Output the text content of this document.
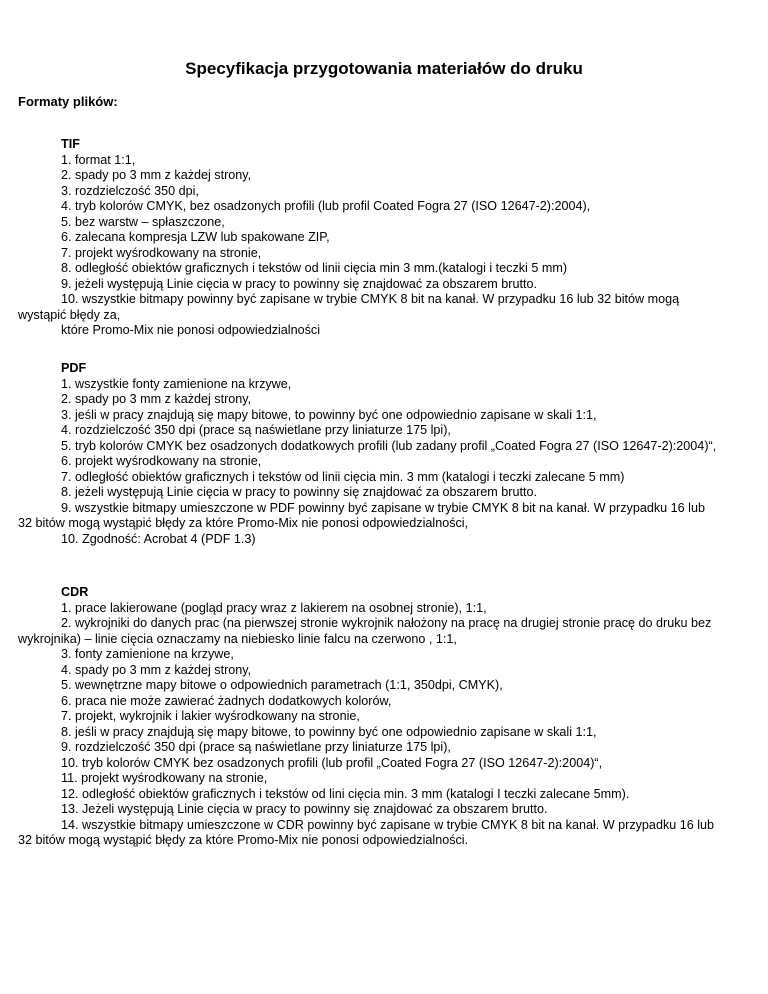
Specyfikacja przygotowania materiałów do druku
Formaty plików:
TIF
1. format 1:1,
2. spady po 3 mm z każdej strony,
3. rozdzielczość 350 dpi,
4. tryb kolorów CMYK, bez osadzonych profili (lub profil Coated Fogra 27 (ISO 12647-2):2004),
5. bez warstw – spłaszczone,
6. zalecana kompresja LZW lub spakowane ZIP,
7. projekt wyśrodkowany na stronie,
8. odległość obiektów graficznych i tekstów od linii cięcia min 3 mm.(katalogi i teczki 5 mm)
9. jeżeli występują Linie cięcia w pracy to powinny się znajdować za obszarem brutto.
10. wszystkie bitmapy powinny być zapisane w trybie CMYK 8 bit na kanał. W przypadku 16 lub 32 bitów mogą wystąpić błędy za,
które Promo-Mix nie ponosi odpowiedzialności
PDF
1. wszystkie fonty zamienione na krzywe,
2. spady po 3 mm z każdej strony,
3. jeśli w pracy znajdują się mapy bitowe, to powinny być one odpowiednio zapisane w skali 1:1,
4. rozdzielczość 350 dpi (prace są naświetlane przy liniaturze 175 lpi),
5. tryb kolorów CMYK bez osadzonych dodatkowych profili (lub zadany profil „Coated Fogra 27 (ISO 12647-2):2004)“,
6. projekt wyśrodkowany na stronie,
7. odległość obiektów graficznych i tekstów od linii cięcia min. 3 mm (katalogi i teczki zalecane 5 mm)
8. jeżeli występują Linie cięcia w pracy to powinny się znajdować za obszarem brutto.
9. wszystkie bitmapy umieszczone w PDF powinny być zapisane w trybie CMYK 8 bit na kanał. W przypadku 16 lub 32 bitów mogą wystąpić błędy za które Promo-Mix nie ponosi odpowiedzialności,
10. Zgodność: Acrobat 4 (PDF 1.3)
CDR
1. prace lakierowane (pogląd pracy wraz z lakierem na osobnej stronie), 1:1,
2. wykrojniki do danych prac (na pierwszej stronie wykrojnik nałożony na pracę na drugiej stronie pracę do druku bez wykrojnika) – linie cięcia oznaczamy na niebiesko linie falcu na czerwono , 1:1,
3. fonty zamienione na krzywe,
4. spady po 3 mm z każdej strony,
5. wewnętrzne mapy bitowe o odpowiednich parametrach (1:1, 350dpi, CMYK),
6. praca nie może zawierać żadnych dodatkowych kolorów,
7. projekt, wykrojnik i lakier wyśrodkowany na stronie,
8. jeśli w pracy znajdują się mapy bitowe, to powinny być one odpowiednio zapisane w skali 1:1,
9. rozdzielczość 350 dpi (prace są naświetlane przy liniaturze 175 lpi),
10. tryb kolorów CMYK bez osadzonych profili (lub profil „Coated Fogra 27 (ISO 12647-2):2004)“,
11. projekt wyśrodkowany na stronie,
12. odległość obiektów graficznych i tekstów od lini cięcia min. 3 mm (katalogi I teczki zalecane 5mm).
13. Jeżeli występują Linie cięcia w pracy to powinny się znajdować za obszarem brutto.
14. wszystkie bitmapy umieszczone w CDR powinny być zapisane w trybie CMYK 8 bit na kanał. W przypadku 16 lub 32 bitów mogą wystąpić błędy za które Promo-Mix nie ponosi odpowiedzialności.
